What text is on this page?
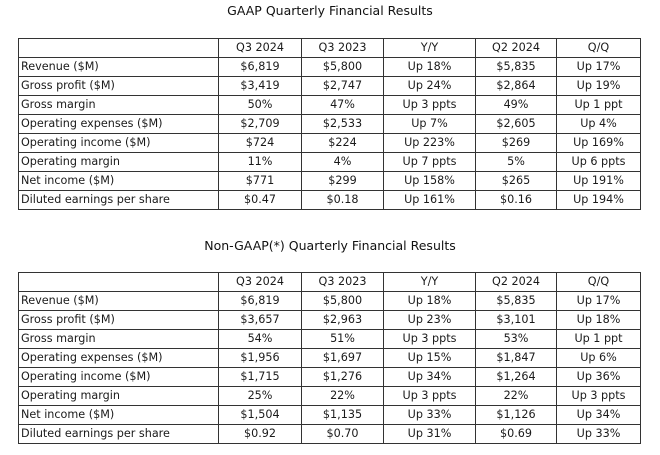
GAAP Quarterly Financial Results
	Q3 2024	Q3 2023	Y/Y	Q2 2024	Q/Q
Revenue ($M)	$6,819	$5,800	Up 18%	$5,835	Up 17%
Gross profit ($M)	$3,419	$2,747	Up 24%	$2,864	Up 19%
Gross margin	50%	47%	Up 3 ppts	49%	Up 1 ppt
Operating expenses ($M)	$2,709	$2,533	Up 7%	$2,605	Up 4%
Operating income ($M)	$724	$224	Up 223%	$269	Up 169%
Operating margin	11%	4%	Up 7 ppts	5%	Up 6 ppts
Net income ($M)	$771	$299	Up 158%	$265	Up 191%
Diluted earnings per share	$0.47	$0.18	Up 161%	$0.16	Up 194%
Non-GAAP(*) Quarterly Financial Results
	Q3 2024	Q3 2023	Y/Y	Q2 2024	Q/Q
Revenue ($M)	$6,819	$5,800	Up 18%	$5,835	Up 17%
Gross profit ($M)	$3,657	$2,963	Up 23%	$3,101	Up 18%
Gross margin	54%	51%	Up 3 ppts	53%	Up 1 ppt
Operating expenses ($M)	$1,956	$1,697	Up 15%	$1,847	Up 6%
Operating income ($M)	$1,715	$1,276	Up 34%	$1,264	Up 36%
Operating margin	25%	22%	Up 3 ppts	22%	Up 3 ppts
Net income ($M)	$1,504	$1,135	Up 33%	$1,126	Up 34%
Diluted earnings per share	$0.92	$0.70	Up 31%	$0.69	Up 33%
